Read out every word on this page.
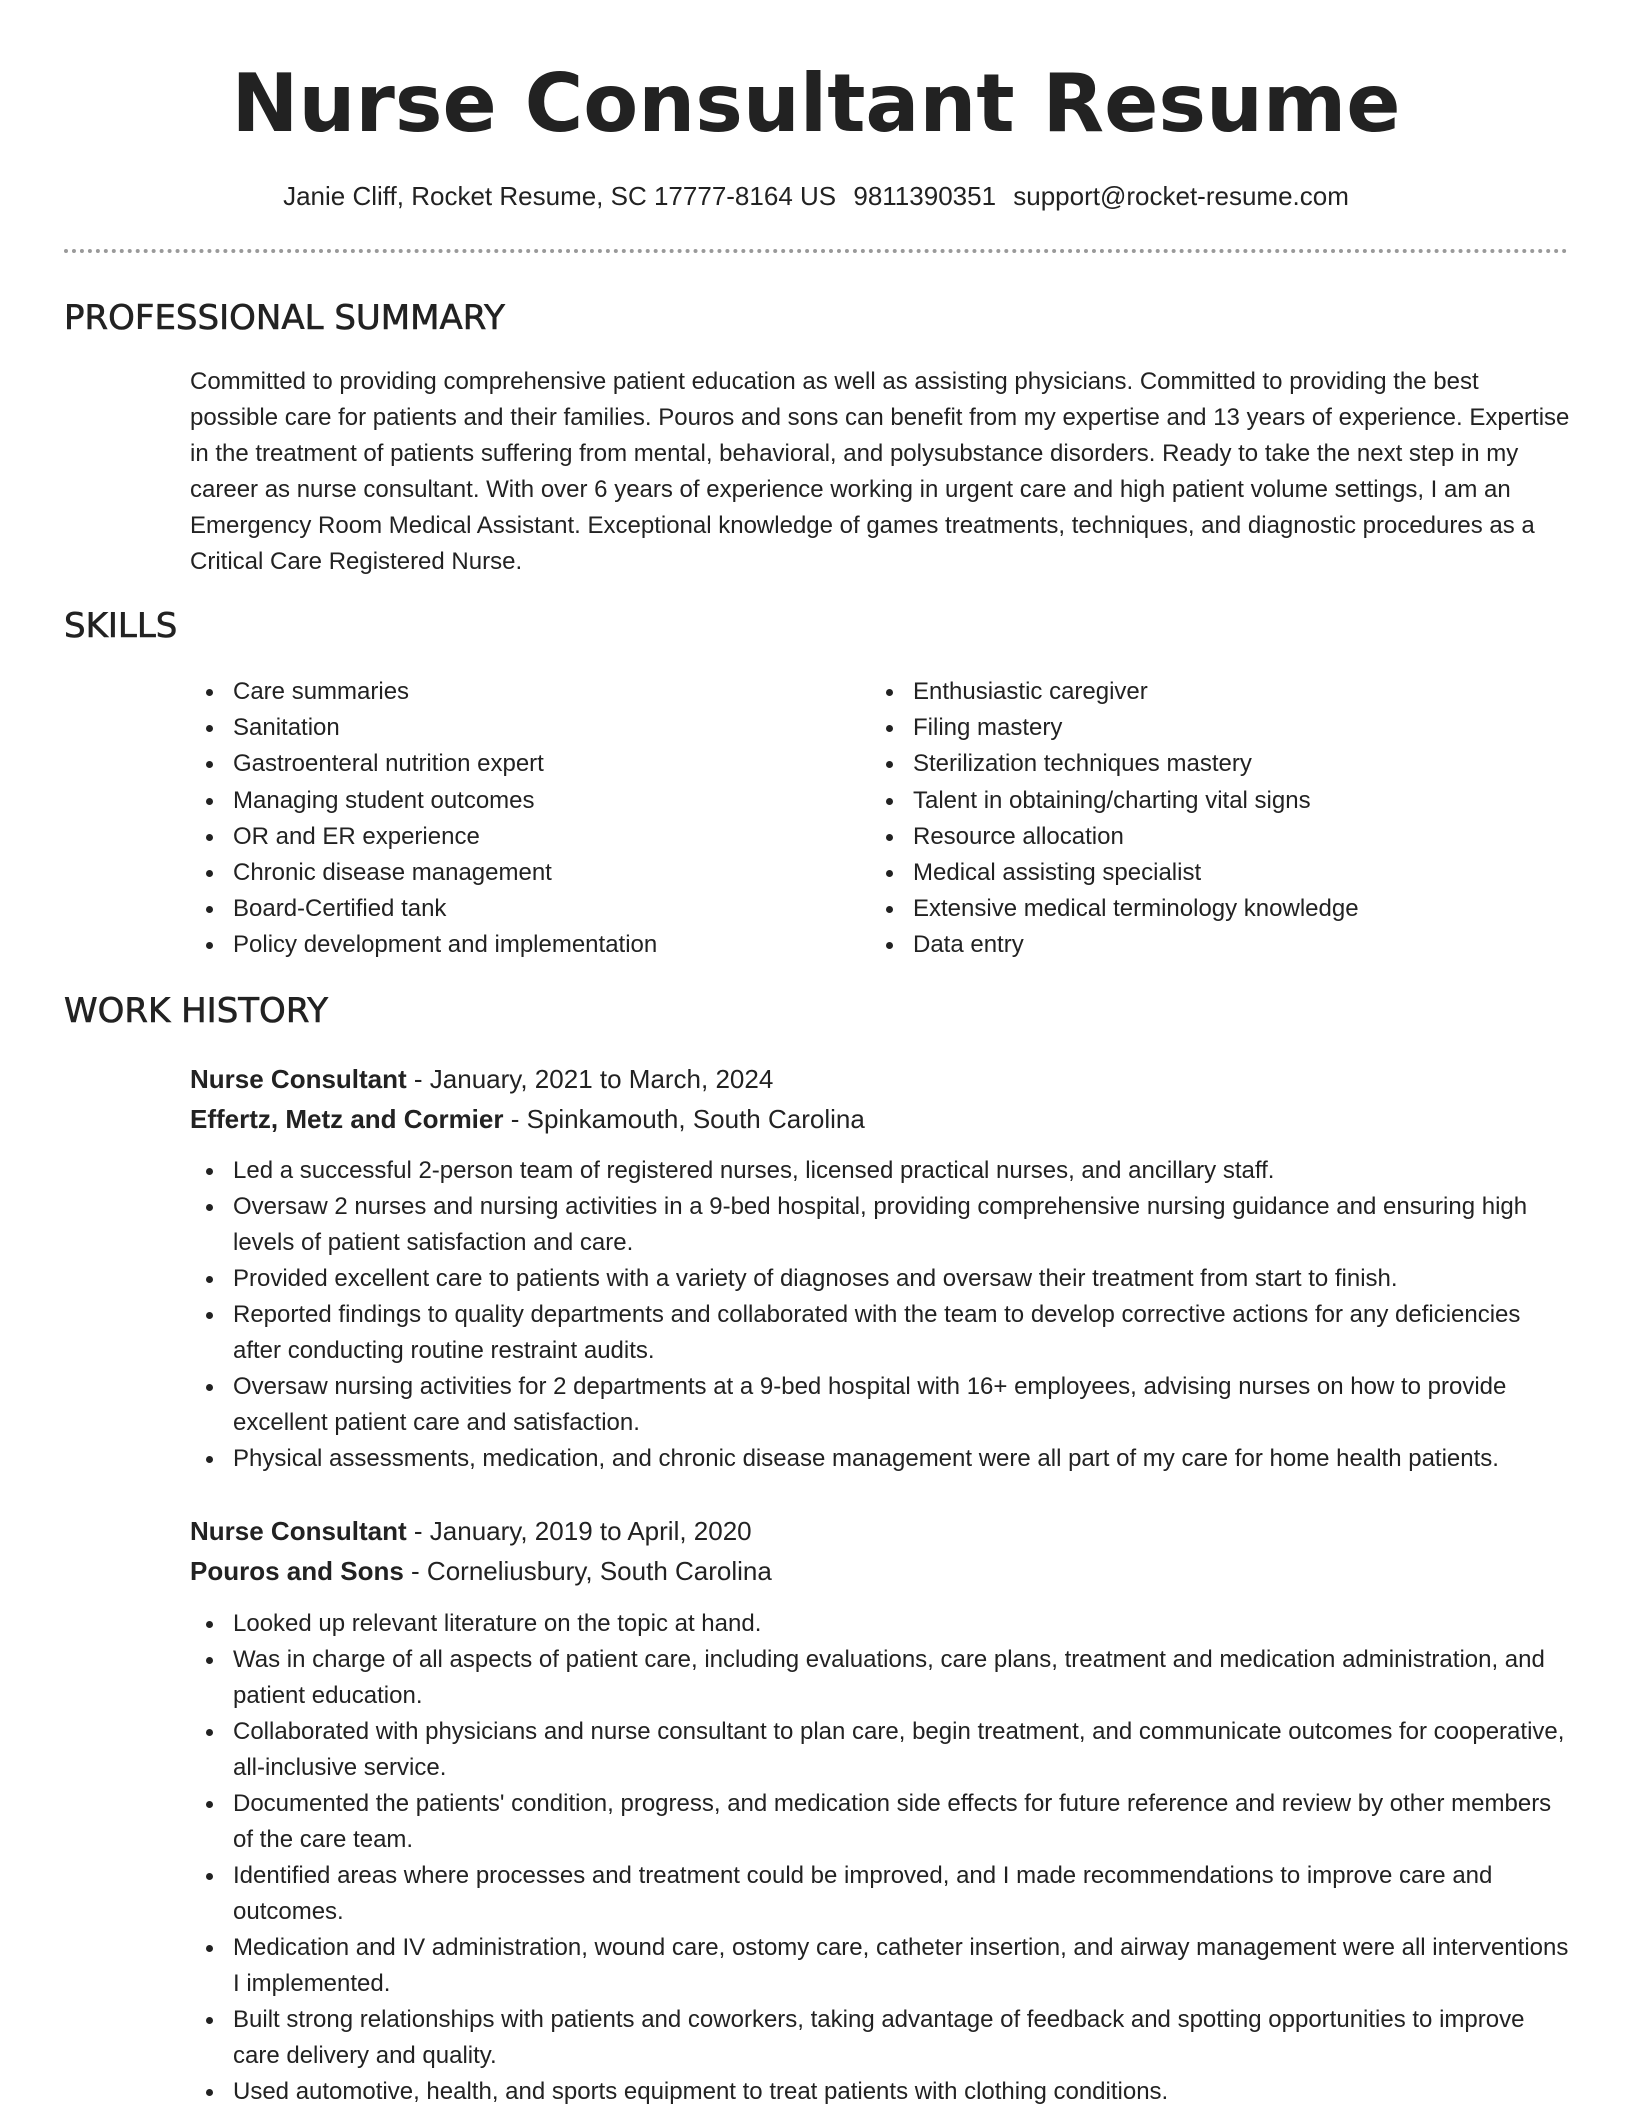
Nurse Consultant Resume
Janie Cliff, Rocket Resume, SC 17777-8164 US 9811390351 support@rocket-resume.com
PROFESSIONAL SUMMARY

Committed to providing comprehensive patient education as well as assisting physicians. Committed to providing the best possible care for patients and their families. Pouros and sons can benefit from my expertise and 13 years of experience. Expertise in the treatment of patients suffering from mental, behavioral, and polysubstance disorders. Ready to take the next step in my career as nurse consultant. With over 6 years of experience working in urgent care and high patient volume settings, I am an Emergency Room Medical Assistant. Exceptional knowledge of games treatments, techniques, and diagnostic procedures as a Critical Care Registered Nurse.

SKILLS
Care summaries
Sanitation
Gastroenteral nutrition expert
Managing student outcomes
OR and ER experience
Chronic disease management
Board-Certified tank
Policy development and implementation
Enthusiastic caregiver
Filing mastery
Sterilization techniques mastery
Talent in obtaining/charting vital signs
Resource allocation
Medical assisting specialist
Extensive medical terminology knowledge
Data entry
WORK HISTORY

Nurse Consultant - January, 2021 to March, 2024

Effertz, Metz and Cormier - Spinkamouth, South Carolina

Led a successful 2-person team of registered nurses, licensed practical nurses, and ancillary staff.
Oversaw 2 nurses and nursing activities in a 9-bed hospital, providing comprehensive nursing guidance and ensuring high levels of patient satisfaction and care.
Provided excellent care to patients with a variety of diagnoses and oversaw their treatment from start to finish.
Reported findings to quality departments and collaborated with the team to develop corrective actions for any deficiencies after conducting routine restraint audits.
Oversaw nursing activities for 2 departments at a 9-bed hospital with 16+ employees, advising nurses on how to provide excellent patient care and satisfaction.
Physical assessments, medication, and chronic disease management were all part of my care for home health patients.

Nurse Consultant - January, 2019 to April, 2020

Pouros and Sons - Corneliusbury, South Carolina

Looked up relevant literature on the topic at hand.
Was in charge of all aspects of patient care, including evaluations, care plans, treatment and medication administration, and patient education.
Collaborated with physicians and nurse consultant to plan care, begin treatment, and communicate outcomes for cooperative, all-inclusive service.
Documented the patients' condition, progress, and medication side effects for future reference and review by other members of the care team.
Identified areas where processes and treatment could be improved, and I made recommendations to improve care and outcomes.
Medication and IV administration, wound care, ostomy care, catheter insertion, and airway management were all interventions I implemented.
Built strong relationships with patients and coworkers, taking advantage of feedback and spotting opportunities to improve care delivery and quality.
Used automotive, health, and sports equipment to treat patients with clothing conditions.
